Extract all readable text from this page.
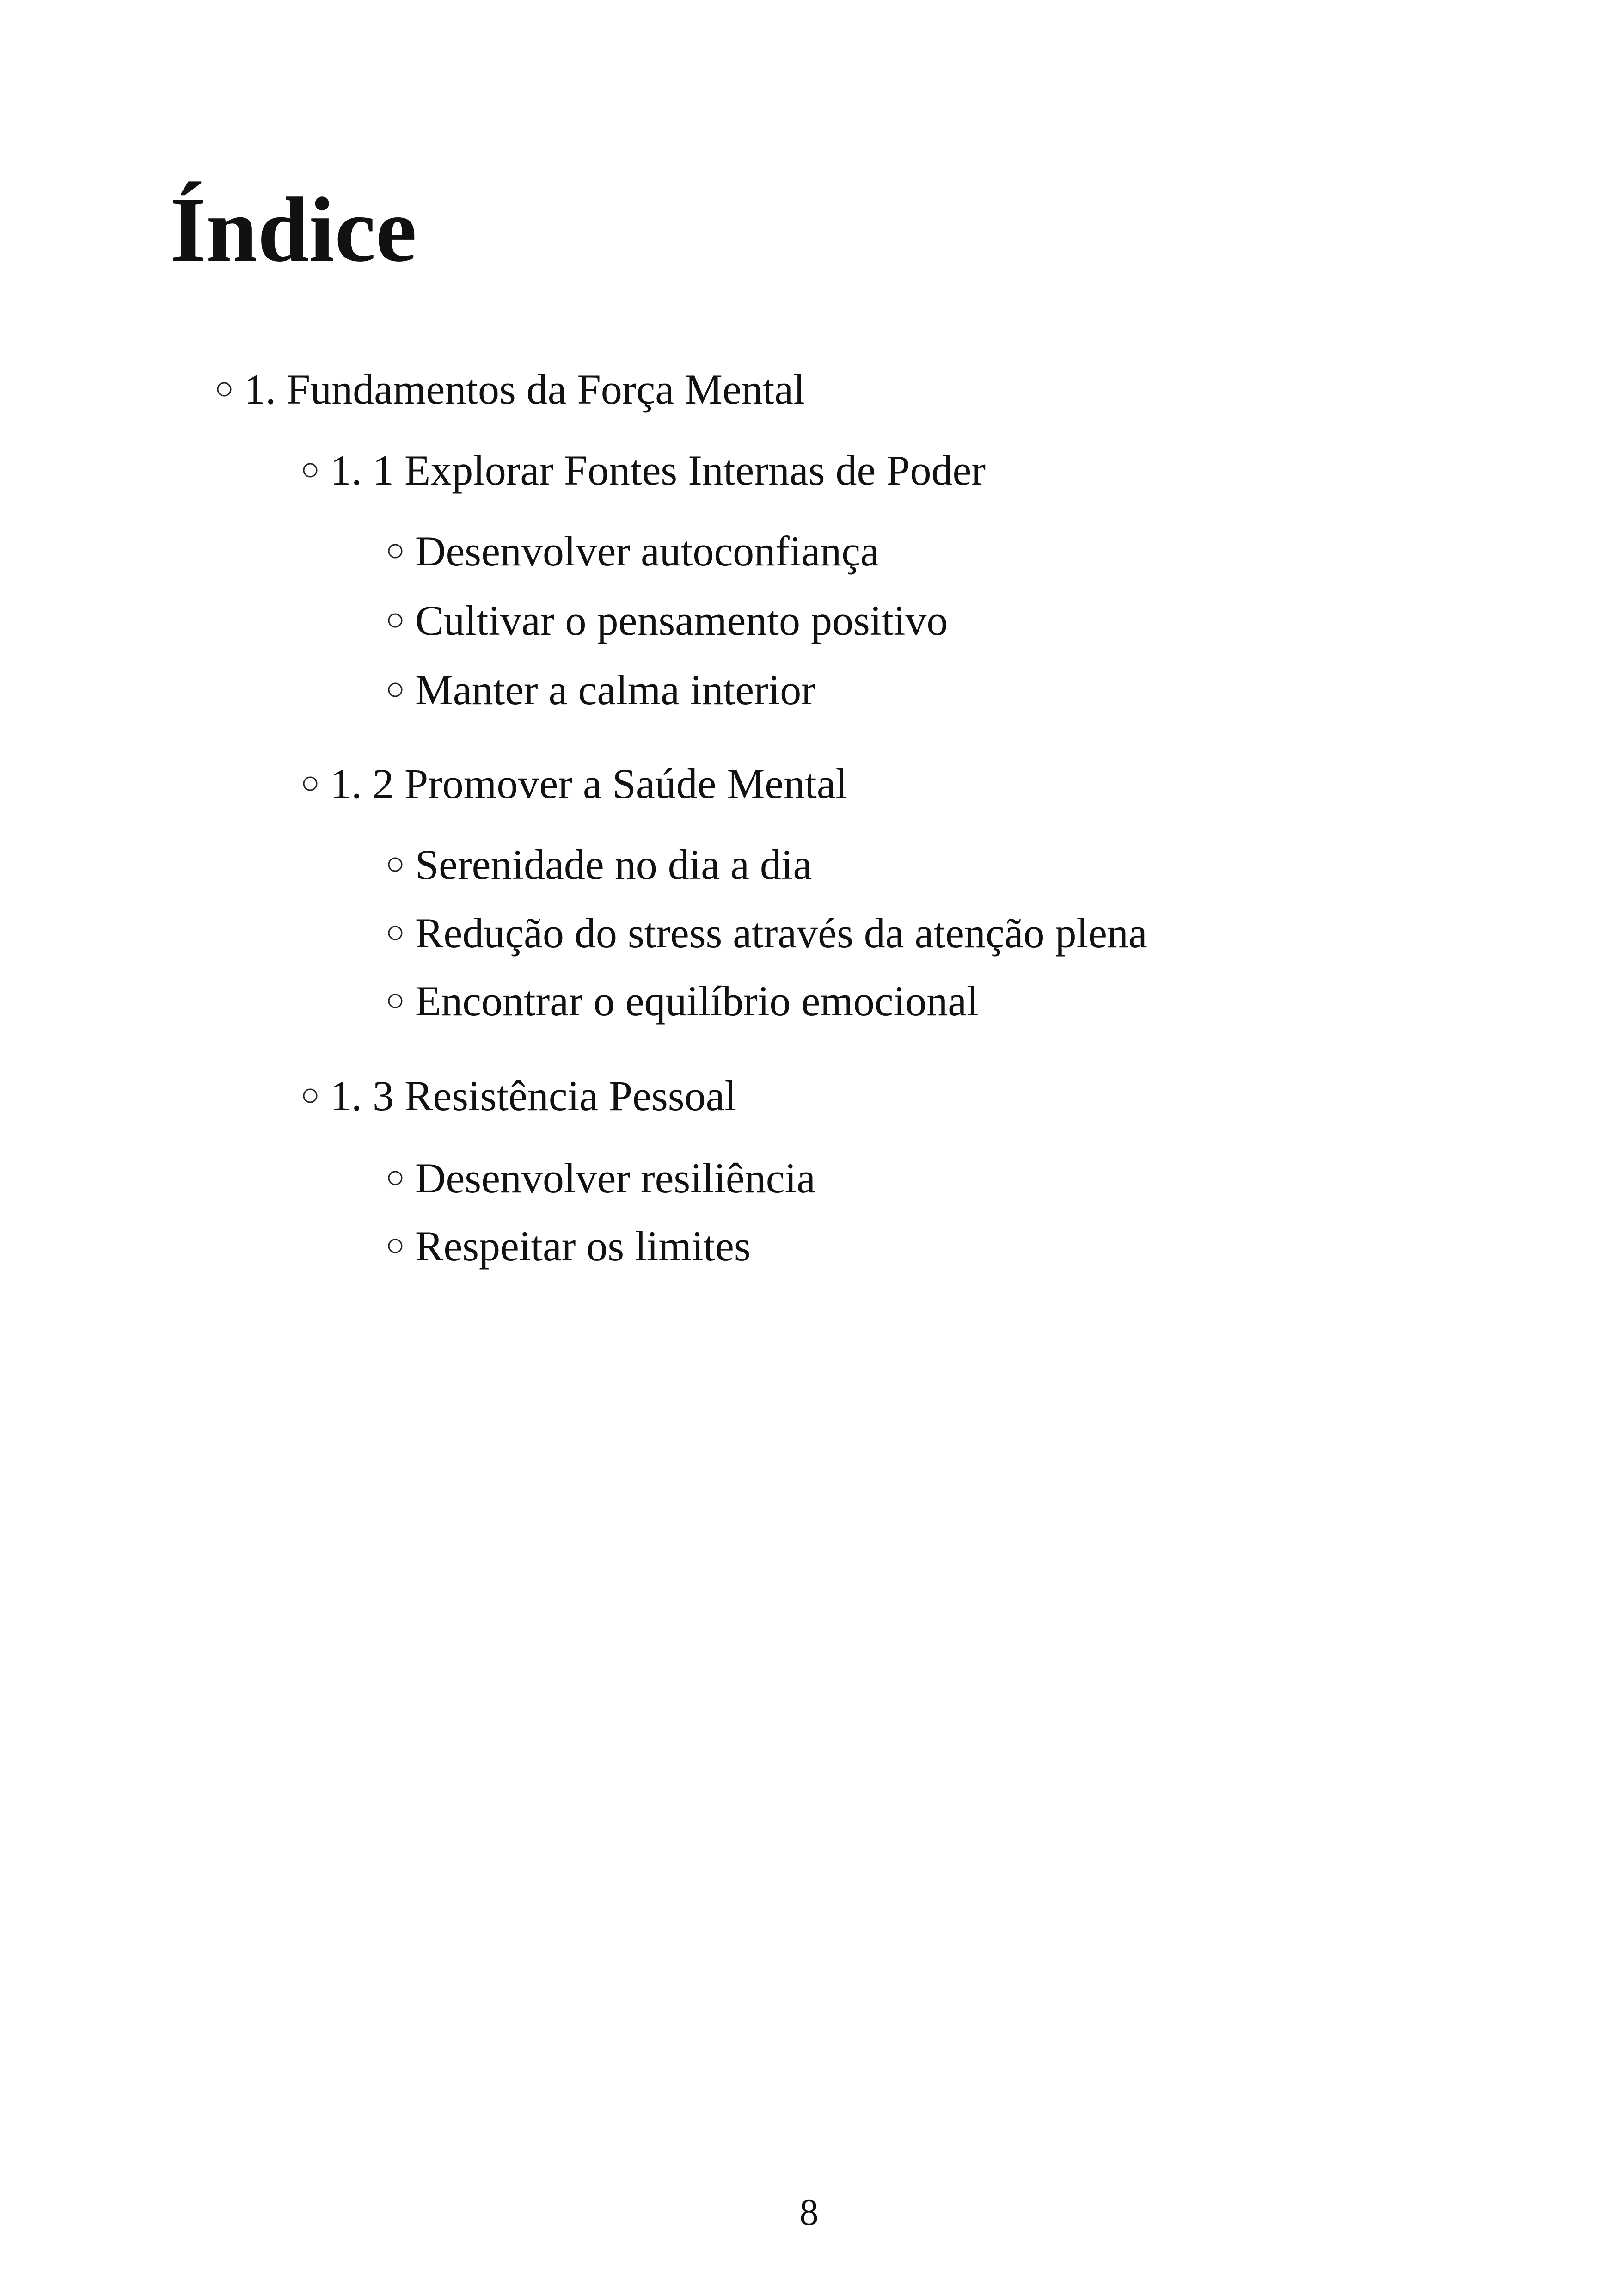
Índice
1. Fundamentos da Força Mental
1. 1 Explorar Fontes Internas de Poder
Desenvolver autoconfiança
Cultivar o pensamento positivo
Manter a calma interior
1. 2 Promover a Saúde Mental
Serenidade no dia a dia
Redução do stress através da atenção plena
Encontrar o equilíbrio emocional
1. 3 Resistência Pessoal
Desenvolver resiliência
Respeitar os limites
8
